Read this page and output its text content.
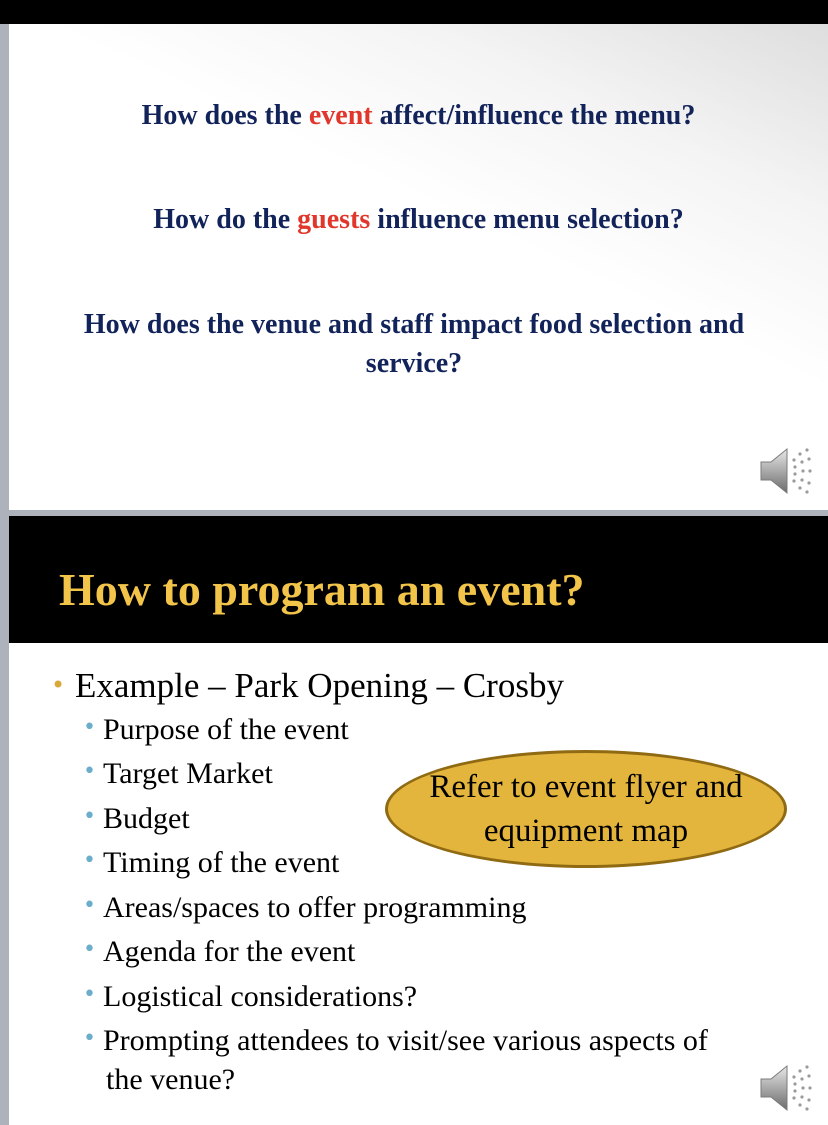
How does the event affect/influence the menu?
How do the guests influence menu selection?
How does the venue and staff impact food selection and service?
How to program an event?
• Example – Park Opening – Crosby
• Purpose of the event
• Target Market
• Budget
• Timing of the event
• Areas/spaces to offer programming
• Agenda for the event
• Logistical considerations?
• Prompting attendees to visit/see various aspects of
the venue?
Refer to event flyer and equipment map
